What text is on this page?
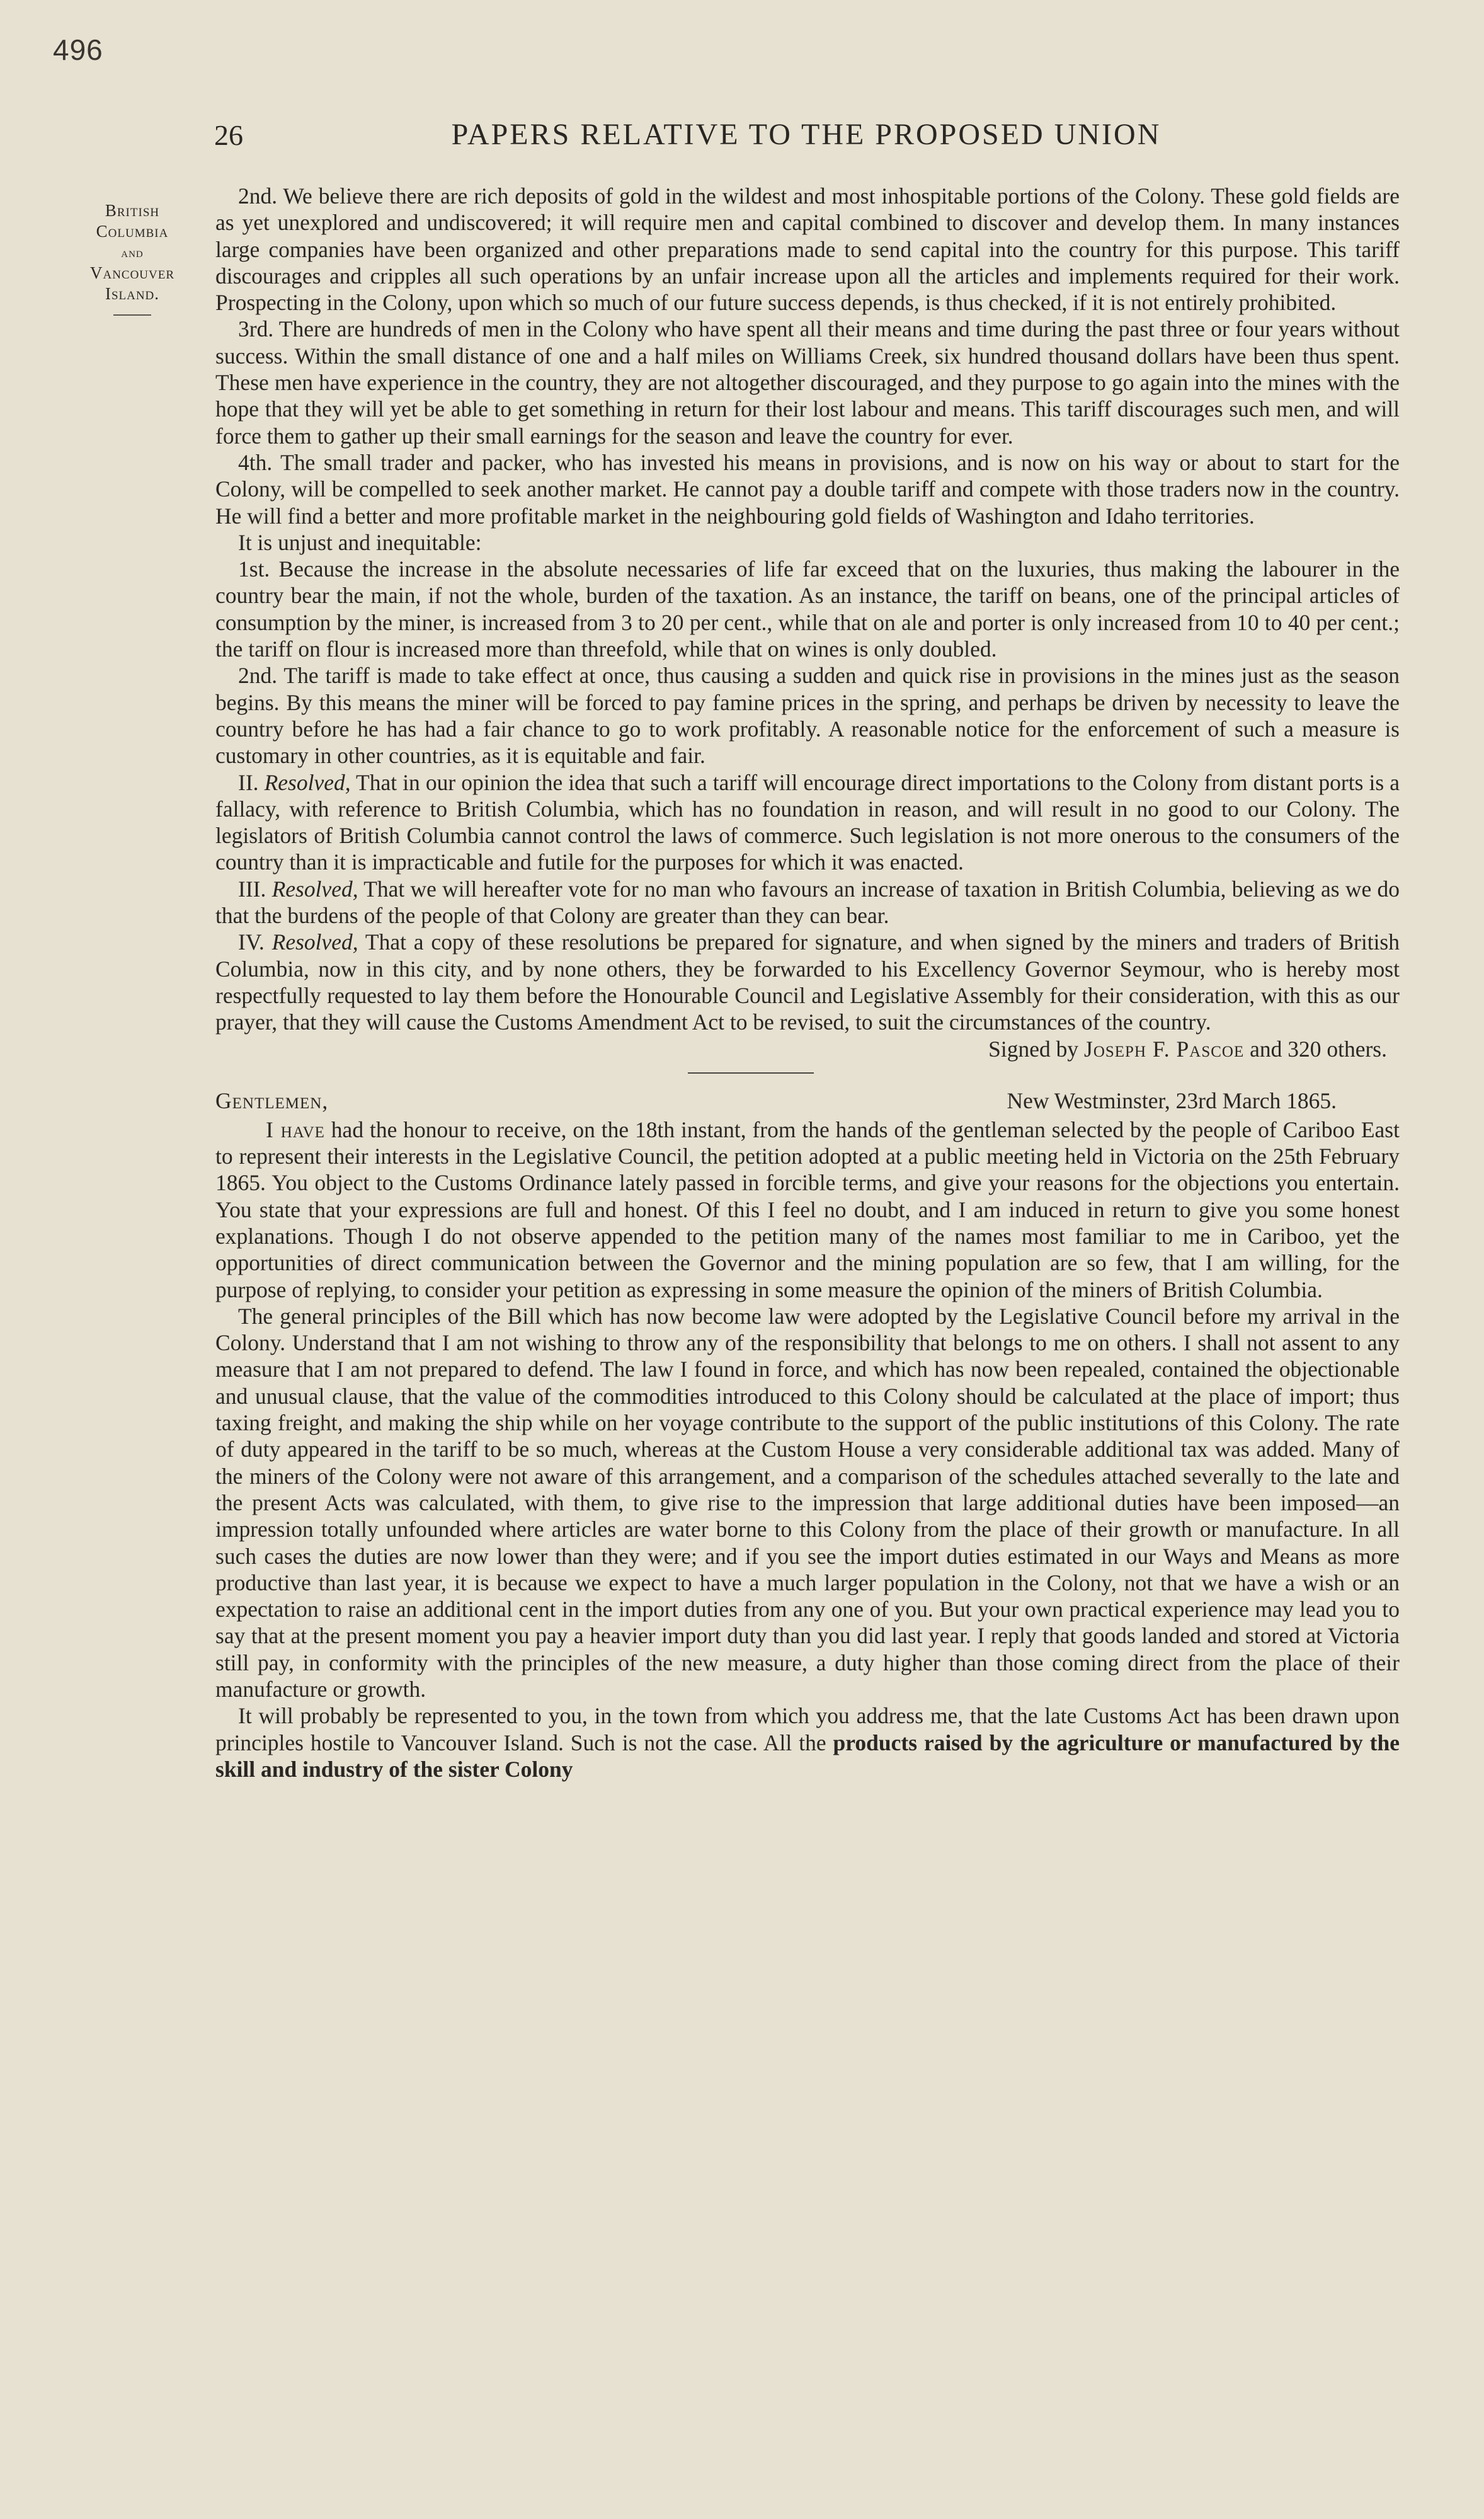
496
26	PAPERS RELATIVE TO THE PROPOSED UNION
British
Columbia
and
Vancouver
Island.

2nd. We believe there are rich deposits of gold in the wildest and most inhospitable portions of the Colony. These gold fields are as yet unexplored and undiscovered; it will require men and capital combined to discover and develop them. In many instances large companies have been organized and other preparations made to send capital into the country for this purpose. This tariff discourages and cripples all such operations by an unfair increase upon all the articles and implements required for their work. Prospecting in the Colony, upon which so much of our future success depends, is thus checked, if it is not entirely prohibited.

3rd. There are hundreds of men in the Colony who have spent all their means and time during the past three or four years without success. Within the small distance of one and a half miles on Williams Creek, six hundred thousand dollars have been thus spent. These men have experience in the country, they are not altogether discouraged, and they purpose to go again into the mines with the hope that they will yet be able to get something in return for their lost labour and means. This tariff discourages such men, and will force them to gather up their small earnings for the season and leave the country for ever.

4th. The small trader and packer, who has invested his means in provisions, and is now on his way or about to start for the Colony, will be compelled to seek another market. He cannot pay a double tariff and compete with those traders now in the country. He will find a better and more profitable market in the neighbouring gold fields of Washington and Idaho territories.

It is unjust and inequitable:

1st. Because the increase in the absolute necessaries of life far exceed that on the luxuries, thus making the labourer in the country bear the main, if not the whole, burden of the taxation. As an instance, the tariff on beans, one of the principal articles of consumption by the miner, is increased from 3 to 20 per cent., while that on ale and porter is only increased from 10 to 40 per cent.; the tariff on flour is increased more than threefold, while that on wines is only doubled.

2nd. The tariff is made to take effect at once, thus causing a sudden and quick rise in provisions in the mines just as the season begins. By this means the miner will be forced to pay famine prices in the spring, and perhaps be driven by necessity to leave the country before he has had a fair chance to go to work profitably. A reasonable notice for the enforcement of such a measure is customary in other countries, as it is equitable and fair.

II. Resolved, That in our opinion the idea that such a tariff will encourage direct importations to the Colony from distant ports is a fallacy, with reference to British Columbia, which has no foundation in reason, and will result in no good to our Colony. The legislators of British Columbia cannot control the laws of commerce. Such legislation is not more onerous to the consumers of the country than it is impracticable and futile for the purposes for which it was enacted.

III. Resolved, That we will hereafter vote for no man who favours an increase of taxation in British Columbia, believing as we do that the burdens of the people of that Colony are greater than they can bear.

IV. Resolved, That a copy of these resolutions be prepared for signature, and when signed by the miners and traders of British Columbia, now in this city, and by none others, they be forwarded to his Excellency Governor Seymour, who is hereby most respectfully requested to lay them before the Honourable Council and Legislative Assembly for their consideration, with this as our prayer, that they will cause the Customs Amendment Act to be revised, to suit the circumstances of the country.

Signed by Joseph F. Pascoe and 320 others.

Gentlemen,	New Westminster, 23rd March 1865.

I have had the honour to receive, on the 18th instant, from the hands of the gentleman selected by the people of Cariboo East to represent their interests in the Legislative Council, the petition adopted at a public meeting held in Victoria on the 25th February 1865. You object to the Customs Ordinance lately passed in forcible terms, and give your reasons for the objections you entertain. You state that your expressions are full and honest. Of this I feel no doubt, and I am induced in return to give you some honest explanations. Though I do not observe appended to the petition many of the names most familiar to me in Cariboo, yet the opportunities of direct communication between the Governor and the mining population are so few, that I am willing, for the purpose of replying, to consider your petition as expressing in some measure the opinion of the miners of British Columbia.

The general principles of the Bill which has now become law were adopted by the Legislative Council before my arrival in the Colony. Understand that I am not wishing to throw any of the responsibility that belongs to me on others. I shall not assent to any measure that I am not prepared to defend. The law I found in force, and which has now been repealed, contained the objectionable and unusual clause, that the value of the commodities introduced to this Colony should be calculated at the place of import; thus taxing freight, and making the ship while on her voyage contribute to the support of the public institutions of this Colony. The rate of duty appeared in the tariff to be so much, whereas at the Custom House a very considerable additional tax was added. Many of the miners of the Colony were not aware of this arrangement, and a comparison of the schedules attached severally to the late and the present Acts was calculated, with them, to give rise to the impression that large additional duties have been imposed—an impression totally unfounded where articles are water borne to this Colony from the place of their growth or manufacture. In all such cases the duties are now lower than they were; and if you see the import duties estimated in our Ways and Means as more productive than last year, it is because we expect to have a much larger population in the Colony, not that we have a wish or an expectation to raise an additional cent in the import duties from any one of you. But your own practical experience may lead you to say that at the present moment you pay a heavier import duty than you did last year. I reply that goods landed and stored at Victoria still pay, in conformity with the principles of the new measure, a duty higher than those coming direct from the place of their manufacture or growth.

It will probably be represented to you, in the town from which you address me, that the late Customs Act has been drawn upon principles hostile to Vancouver Island. Such is not the case. All the products raised by the agriculture or manufactured by the skill and industry of the sister Colony
